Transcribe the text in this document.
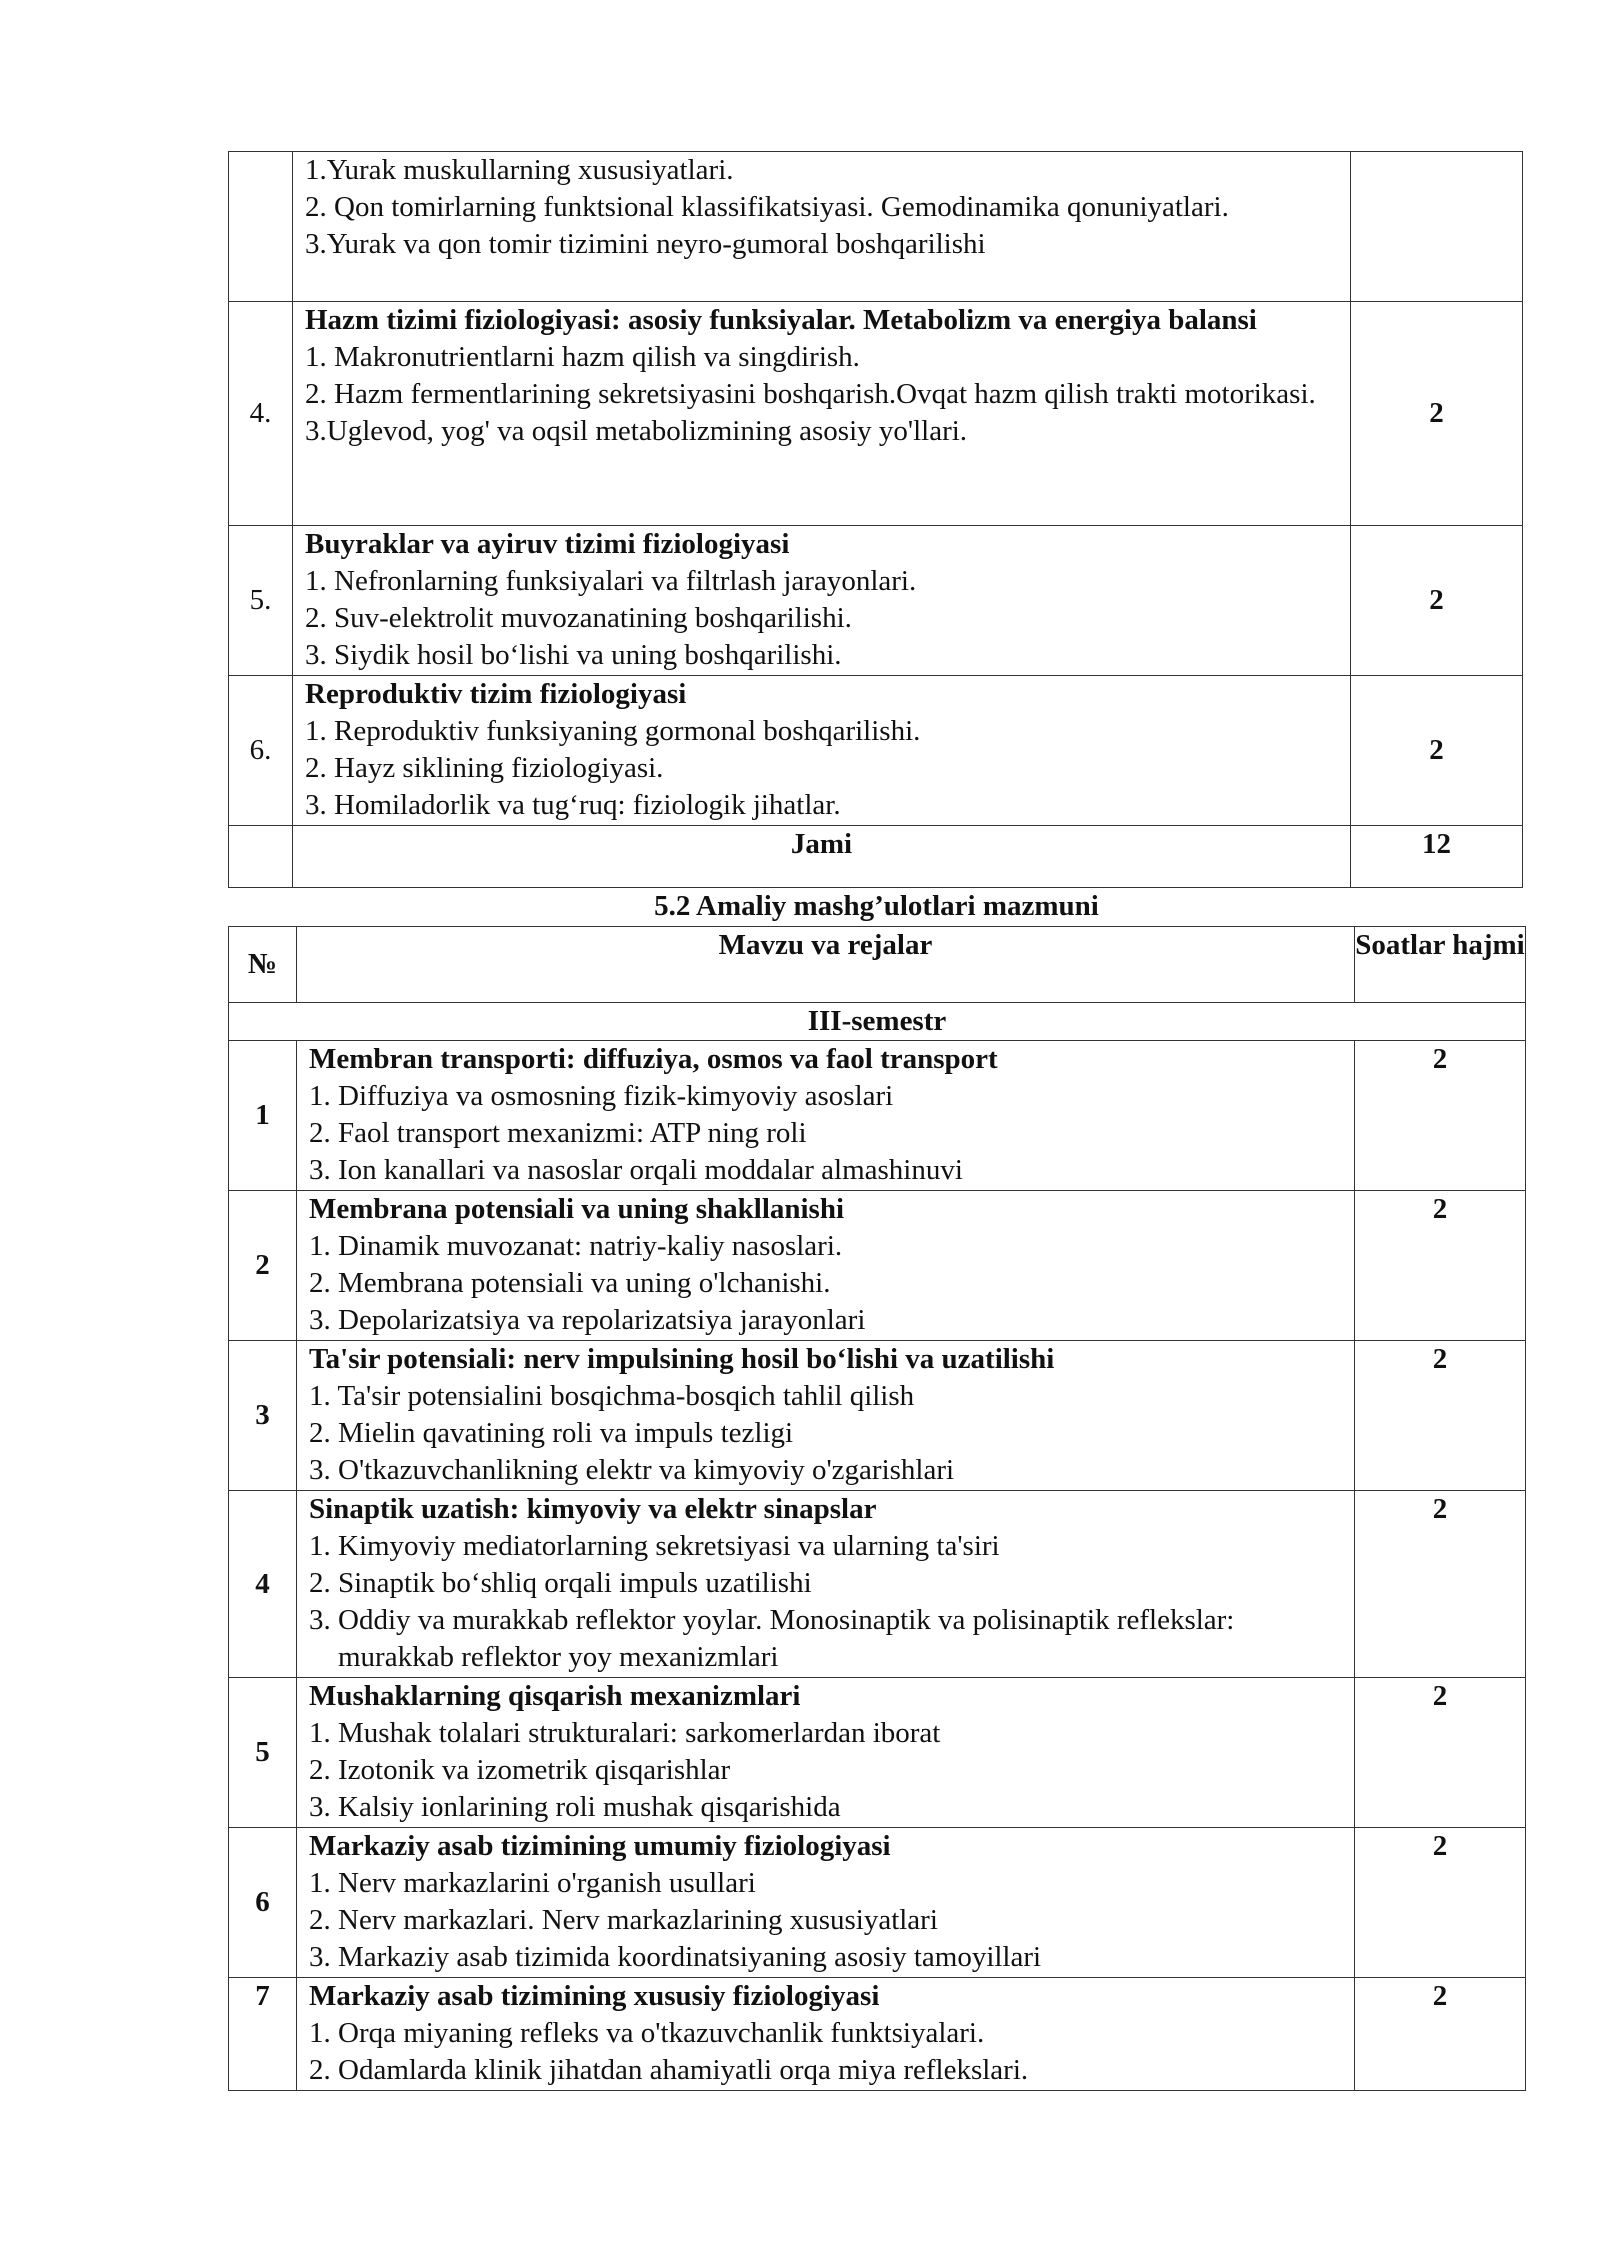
	1.Yurak muskullarning xususiyatlari.
2. Qon tomirlarning funktsional klassifikatsiyasi. Gemodinamika qonuniyatlari.
3.Yurak va qon tomir tizimini neyro-gumoral boshqarilishi	

4.	Hazm tizimi fiziologiyasi: asosiy funksiyalar. Metabolizm va energiya balansi
1. Makronutrientlarni hazm qilish va singdirish.
2. Hazm fermentlarining sekretsiyasini boshqarish.Ovqat hazm qilish trakti motorikasi.
3.Uglevod, yog' va oqsil metabolizmining asosiy yo'llari.	2
5.	Buyraklar va ayiruv tizimi fiziologiyasi
1. Nefronlarning funksiyalari va filtrlash jarayonlari.
2. Suv-elektrolit muvozanatining boshqarilishi.
3. Siydik hosil bo‘lishi va uning boshqarilishi.	2
6.	Reproduktiv tizim fiziologiyasi
1. Reproduktiv funksiyaning gormonal boshqarilishi.
2. Hayz siklining fiziologiyasi.
3. Homiladorlik va tug‘ruq: fiziologik jihatlar.	2
	Jami	12
5.2 Amaliy mashg’ulotlari mazmuni
№	Mavzu va rejalar	Soatlar hajmi
III-semestr		
1	Membran transporti: diffuziya, osmos va faol transport
1. Diffuziya va osmosning fizik-kimyoviy asoslari
2. Faol transport mexanizmi: ATP ning roli
3. Ion kanallari va nasoslar orqali moddalar almashinuvi	2
2	Membrana potensiali va uning shakllanishi
1. Dinamik muvozanat: natriy-kaliy nasoslari.
2. Membrana potensiali va uning o'lchanishi.
3. Depolarizatsiya va repolarizatsiya jarayonlari	2
3	Ta'sir potensiali: nerv impulsining hosil bo‘lishi va uzatilishi
1. Ta'sir potensialini bosqichma-bosqich tahlil qilish
2. Mielin qavatining roli va impuls tezligi
3. O'tkazuvchanlikning elektr va kimyoviy o'zgarishlari	2
4	Sinaptik uzatish: kimyoviy va elektr sinapslar
1. Kimyoviy mediatorlarning sekretsiyasi va ularning ta'siri
2. Sinaptik bo‘shliq orqali impuls uzatilishi
3. Oddiy va murakkab reflektor yoylar. Monosinaptik va polisinaptik reflekslar: murakkab reflektor yoy mexanizmlari	2
5	Mushaklarning qisqarish mexanizmlari
1. Mushak tolalari strukturalari: sarkomerlardan iborat
2. Izotonik va izometrik qisqarishlar
3. Kalsiy ionlarining roli mushak qisqarishida	2
6	Markaziy asab tizimining umumiy fiziologiyasi
1. Nerv markazlarini o'rganish usullari
2. Nerv markazlari. Nerv markazlarining xususiyatlari
3. Markaziy asab tizimida koordinatsiyaning asosiy tamoyillari	2
7	Markaziy asab tizimining xususiy fiziologiyasi
1. Orqa miyaning refleks va o'tkazuvchanlik funktsiyalari.
2. Odamlarda klinik jihatdan ahamiyatli orqa miya reflekslari.	2
